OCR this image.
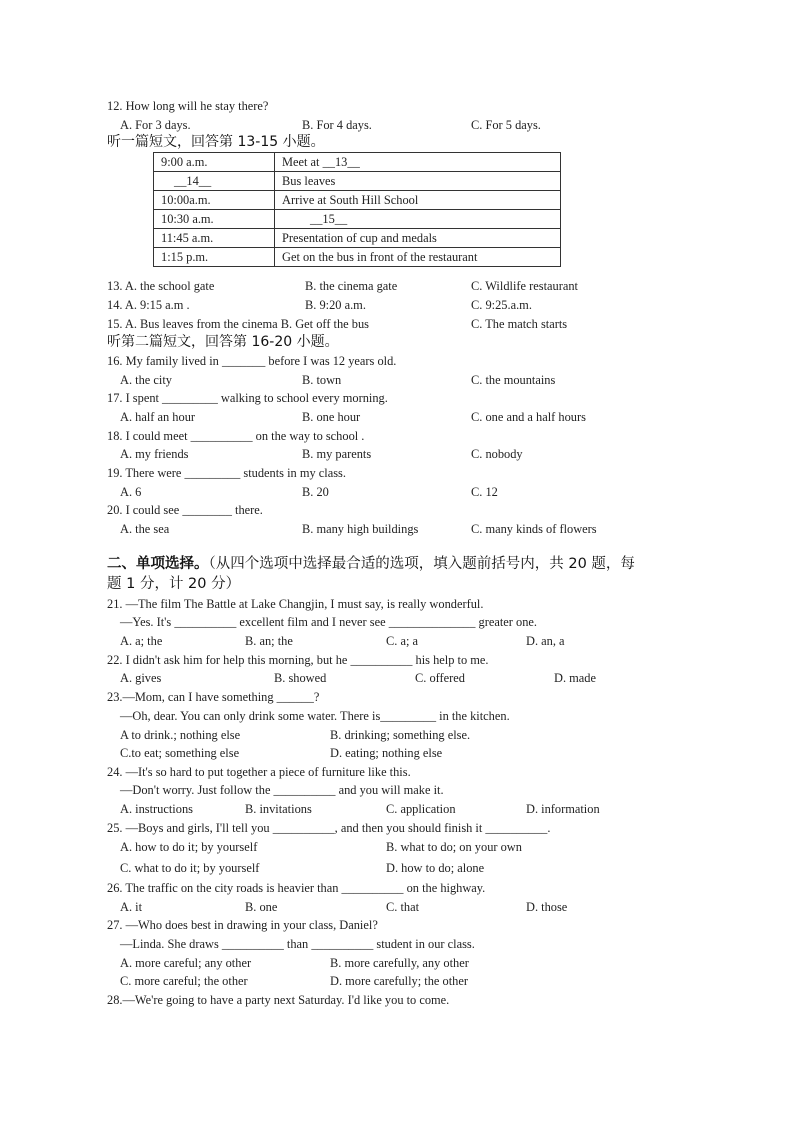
12. How long will he stay there?
A. For 3 days.	B. For 4 days.	C. For 5 days.
听一篇短文，回答第 13-15 小题。
9:00 a.m.	Meet at __13__
__14__	Bus leaves
10:00a.m.	Arrive at South Hill School
10:30 a.m.	__15__
11:45 a.m.	Presentation of cup and medals
1:15 p.m.	Get on the bus in front of the restaurant
13. A. the school gate	B. the cinema gate	C. Wildlife restaurant
14. A. 9:15 a.m .	B. 9:20 a.m.	C. 9:25.a.m.
15. A. Bus leaves from the cinema B. Get off the bus	C. The match starts
听第二篇短文，回答第 16-20 小题。
16. My family lived in _______ before I was 12 years old.
A. the city	B. town	C. the mountains
17. I spent _________ walking to school every morning.
A. half an hour	B. one hour	C. one and a half hours
18. I could meet __________ on the way to school .
A. my friends	B. my parents	C. nobody
19. There were _________ students in my class.
A. 6	B. 20	C. 12
20. I could see ________ there.
A. the sea	B. many high buildings	C. many kinds of flowers
二、单项选择。（从四个选项中选择最合适的选项，填入题前括号内，共 20 题，每
题 1 分，计 20 分）
21. —The film The Battle at Lake Changjin, I must say, is really wonderful.
—Yes. It's __________ excellent film and I never see ______________ greater one.
A. a; the	B. an; the	C. a; a	D. an, a
22. I didn't ask him for help this morning, but he __________ his help to me.
A. gives	B. showed	C. offered	D. made
23.—Mom, can I have something ______?
—Oh, dear. You can only drink some water. There is_________ in the kitchen.
A to drink.; nothing else	B. drinking; something else.
C.to eat; something else	D. eating; nothing else
24. —It's so hard to put together a piece of furniture like this.
—Don't worry. Just follow the __________ and you will make it.
A. instructions	B. invitations	C. application	D. information
25. —Boys and girls, I'll tell you __________, and then you should finish it __________.
A. how to do it; by yourself	B. what to do; on your own
C. what to do it; by yourself	D. how to do; alone
26. The traffic on the city roads is heavier than __________ on the highway.
A. it	B. one	C. that	D. those
27. —Who does best in drawing in your class, Daniel?
—Linda. She draws __________ than __________ student in our class.
A. more careful; any other	B. more carefully, any other
C. more careful; the other	D. more carefully; the other
28.—We're going to have a party next Saturday. I'd like you to come.
